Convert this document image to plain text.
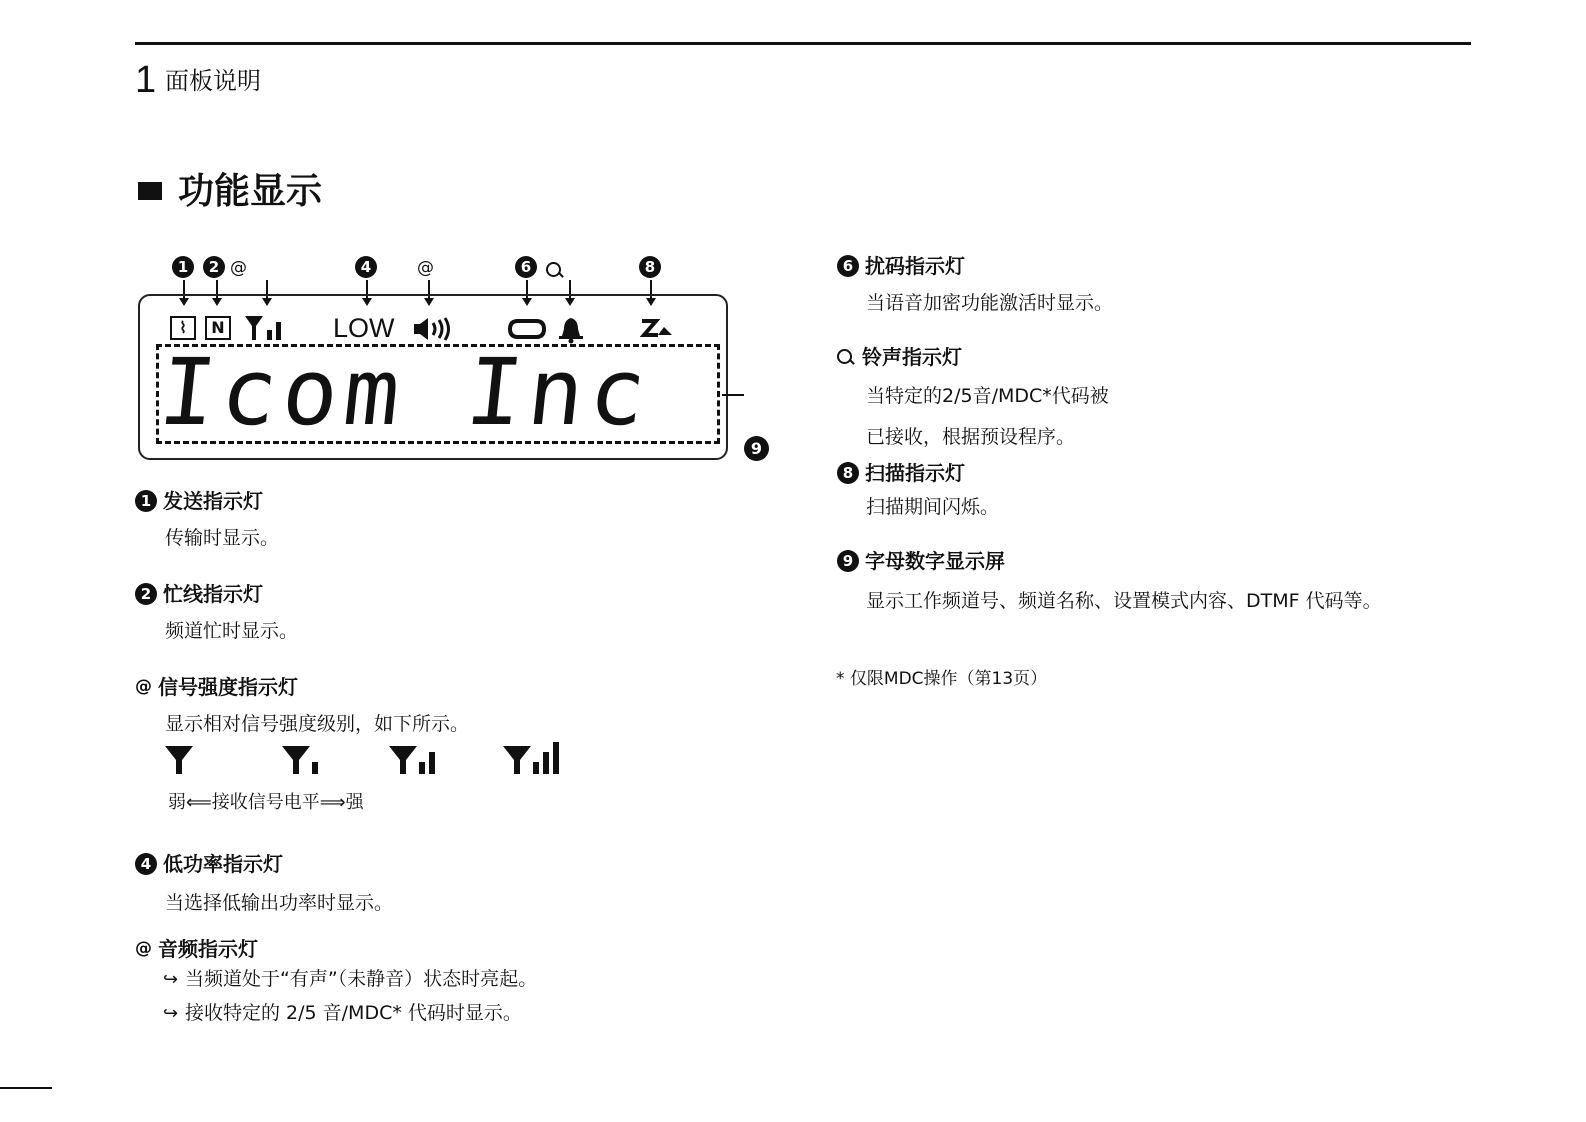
1 面板说明
功能显示
1	2 @	4	@	6	8
⌇	N	LOW
Icom Inc
9
1 发送指示灯
传输时显示。
2 忙线指示灯
频道忙时显示。
@ 信号强度指示灯
显示相对信号强度级别，如下所示。
弱⟸接收信号电平⟹强
4 低功率指示灯
当选择低输出功率时显示。
@ 音频指示灯
↪ 当频道处于“有声”（未静音）状态时亮起。
↪ 接收特定的 2/5 音/MDC* 代码时显示。
6 扰码指示灯
当语音加密功能激活时显示。
铃声指示灯
当特定的2/5音/MDC*代码被
已接收，根据预设程序。
8 扫描指示灯
扫描期间闪烁。
9 字母数字显示屏
显示工作频道号、频道名称、设置模式内容、DTMF 代码等。
* 仅限MDC操作（第13页）
